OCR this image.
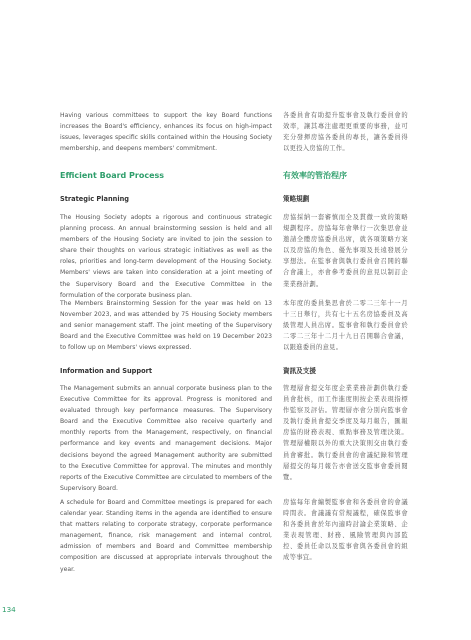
Having various committees to support the key Board functions increases the Board's efficiency, enhances its focus on high-impact issues, leverages specific skills contained within the Housing Society membership, and deepens members' commitment.

Efficient Board Process

Strategic Planning

The Housing Society adopts a rigorous and continuous strategic planning process. An annual brainstorming session is held and all members of the Housing Society are invited to join the session to share their thoughts on various strategic initiatives as well as the roles, priorities and long-term development of the Housing Society. Members' views are taken into consideration at a joint meeting of the Supervisory Board and the Executive Committee in the formulation of the corporate business plan.

The Members Brainstorming Session for the year was held on 13 November 2023, and was attended by 75 Housing Society members and senior management staff. The joint meeting of the Supervisory Board and the Executive Committee was held on 19 December 2023 to follow up on Members' views expressed.

Information and Support

The Management submits an annual corporate business plan to the Executive Committee for its approval. Progress is monitored and evaluated through key performance measures. The Supervisory Board and the Executive Committee also receive quarterly and monthly reports from the Management, respectively, on financial performance and key events and management decisions. Major decisions beyond the agreed Management authority are submitted to the Executive Committee for approval. The minutes and monthly reports of the Executive Committee are circulated to members of the Supervisory Board.

A schedule for Board and Committee meetings is prepared for each calendar year. Standing items in the agenda are identified to ensure that matters relating to corporate strategy, corporate performance management, finance, risk management and internal control, admission of members and Board and Committee membership composition are discussed at appropriate intervals throughout the year.

各委員會有助提升監事會及執行委員會的效率，讓其專注處理更重要的事務，並可充分發揮房協各委員的專長，讓各委員得以更投入房協的工作。

有效率的管治程序

策略規劃

房協採納一套審慎而全及貫徹一致的策略規劃程序。房協每年會舉行一次集思會並邀請全體房協委員出席，就各項策略方案以及房協的角色、優先事項及長遠發展分享想法。在監事會與執行委員會召開的聯合會議上，亦會參考委員的意見以制訂企業業務計劃。

本年度的委員集思會於二零二三年十一月十三日舉行，共有七十五名房協委員及高級管理人員出席。監事會和執行委員會於二零二三年十二月十九日召開聯合會議，以跟進委員的意見。

資訊及支援

管理層會提交年度企業業務計劃供執行委員會批核，而工作進度則按企業表現指標作監察及評估。管理層亦會分別向監事會及執行委員會提交季度及每月報告，匯報房協的財務表現、重點事務及管理決策。管理層權限以外的重大決策則交由執行委員會審批。執行委員會的會議紀錄和管理層提交的每月報告亦會送交監事會委員閱覽。

房協每年會編製監事會和各委員會的會議時間表。會議議有常規議程，確保監事會和各委員會於年內適時討論企業策略、企業表現管理、財務、風險管理與內部監控、委員任命以及監事會與各委員會的組成等事宜。

134
